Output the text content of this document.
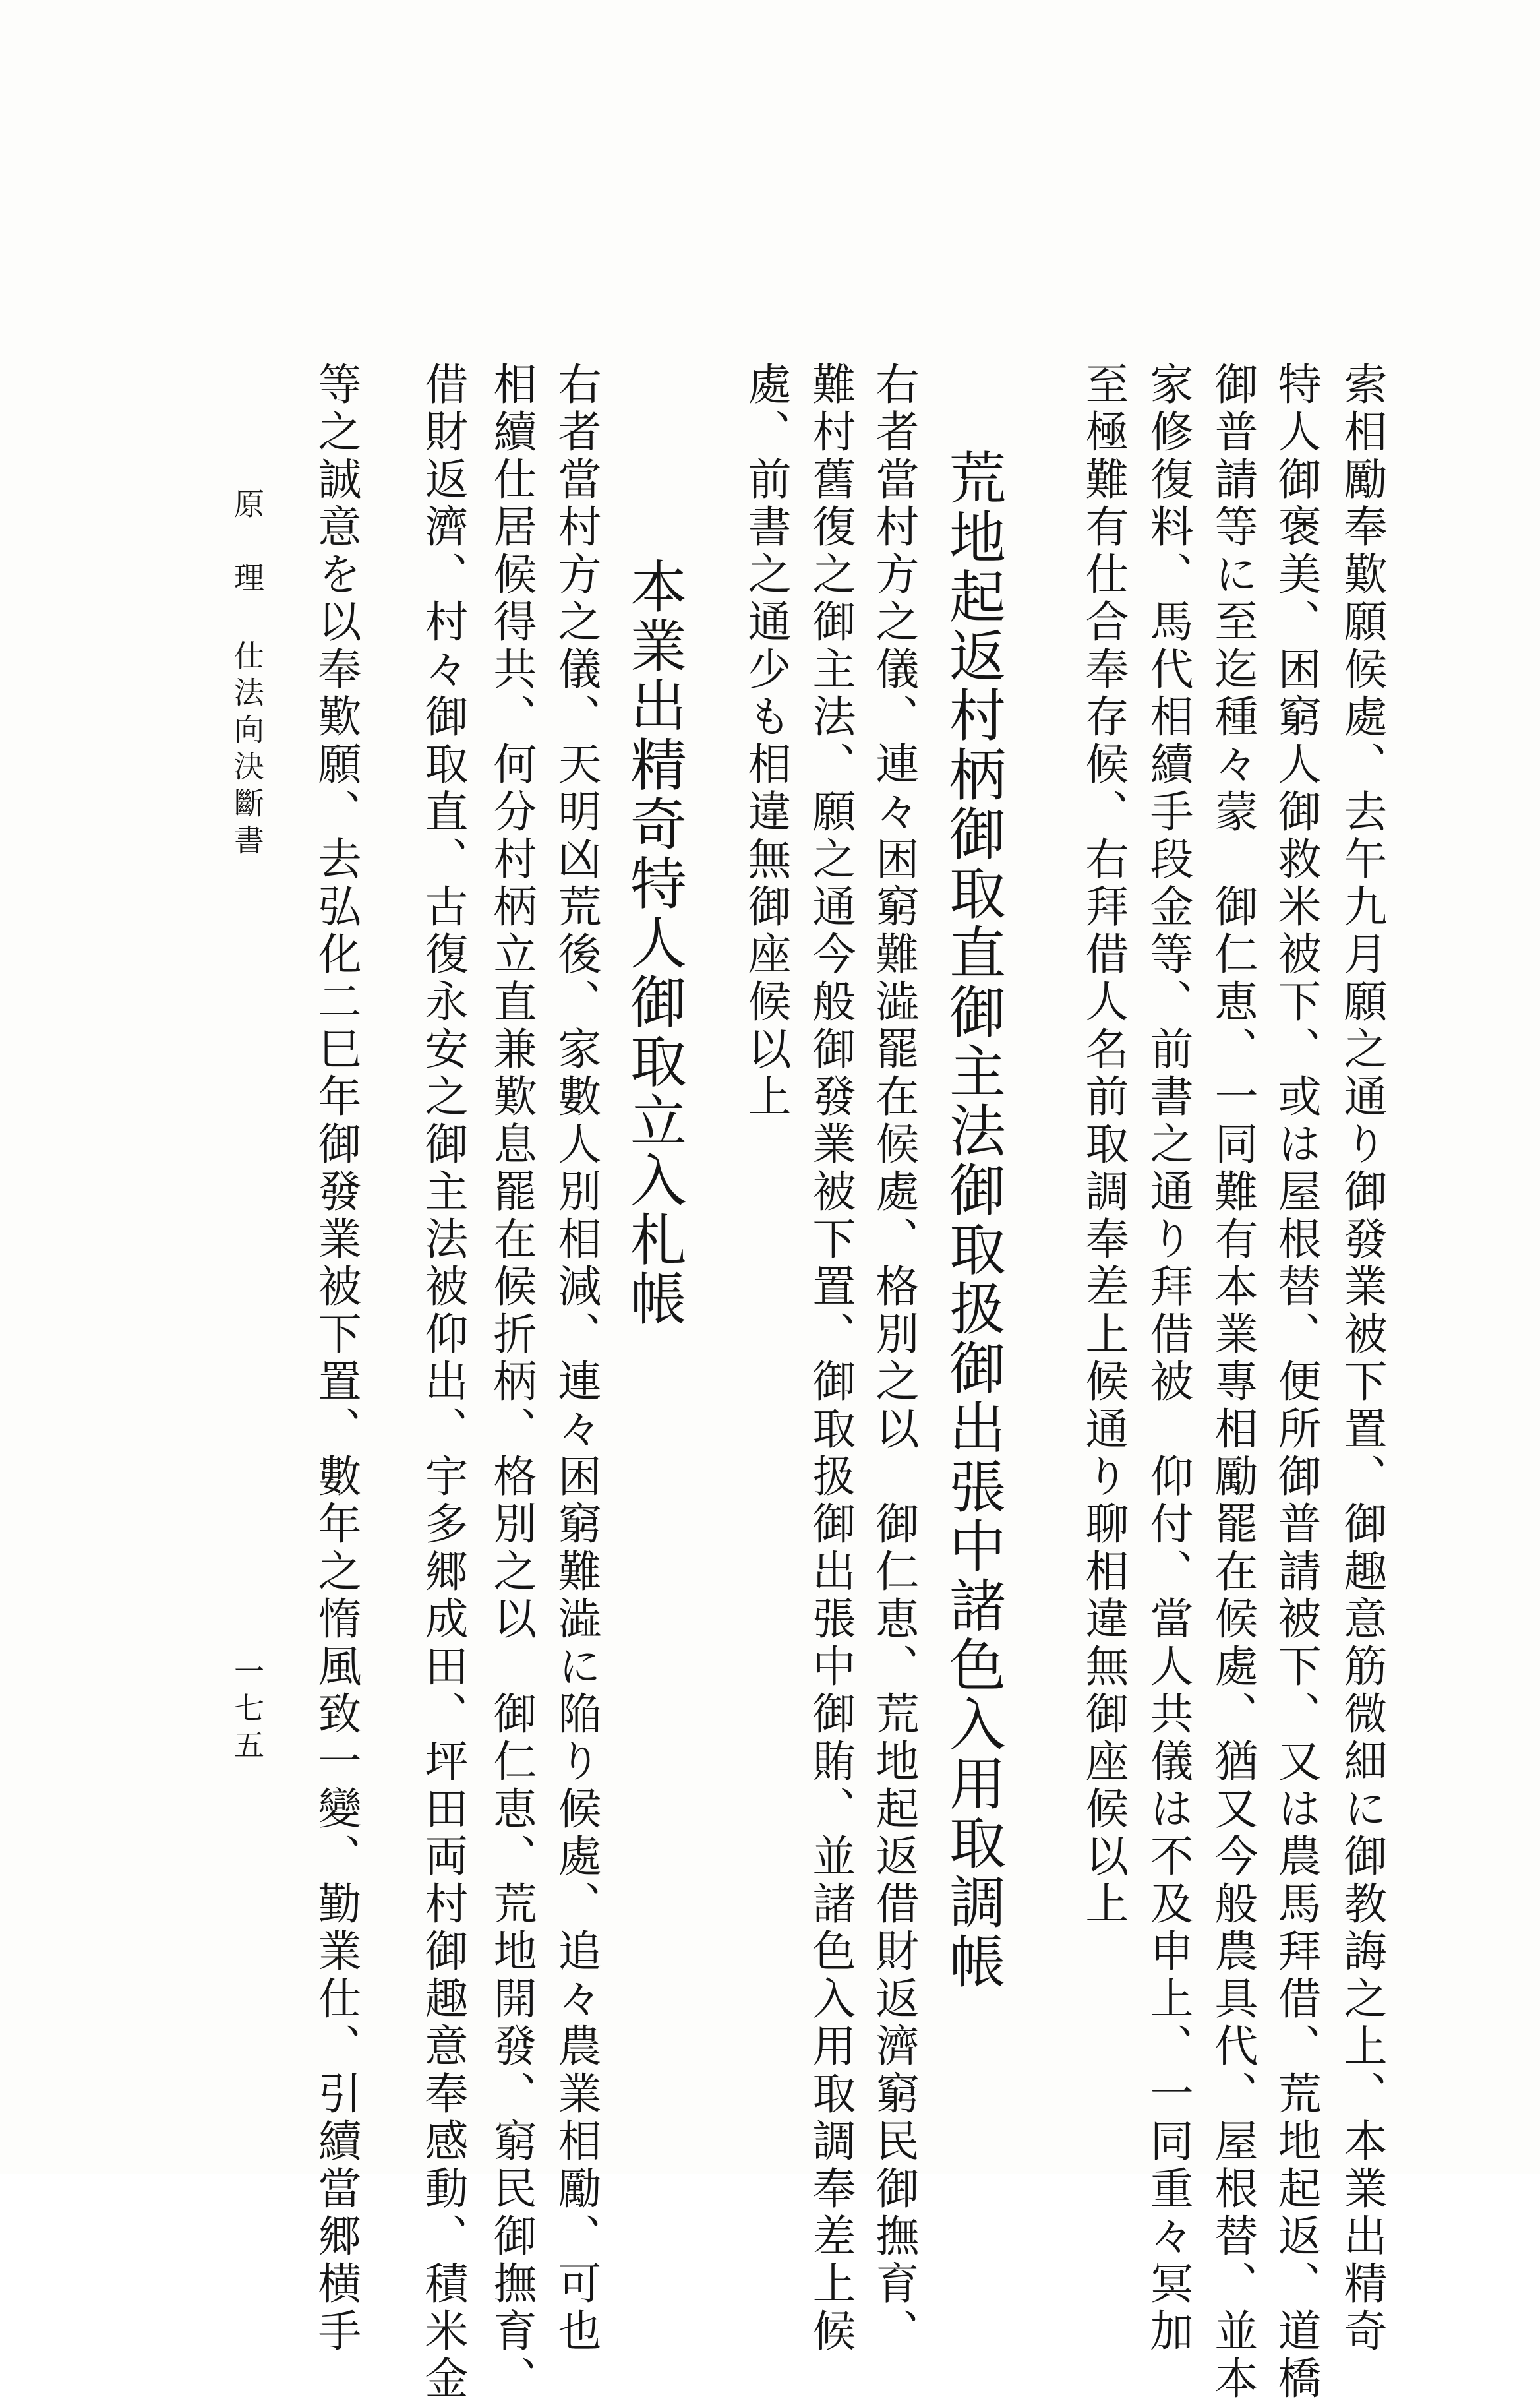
索相勵奉歎願候處、去午九月願之通り御發業被下置、御趣意筋微細に御教誨之上、本業出精奇
特人御褒美、困窮人御救米被下、或は屋根替、便所御普請被下、又は農馬拜借、荒地起返、道橋
御普請等に至迄種々蒙　御仁恵、一同難有本業專相勵罷在候處、猶又今般農具代、屋根替、並本
家修復料、馬代相續手段金等、前書之通り拜借被　仰付、當人共儀は不及申上、一同重々冥加
至極難有仕合奉存候、右拜借人名前取調奉差上候通り聊相違無御座候以上
荒地起返村柄御取直御主法御取扱御出張中諸色入用取調帳
右者當村方之儀、連々困窮難澁罷在候處、格別之以　御仁恵、荒地起返借財返濟窮民御撫育、
難村舊復之御主法、願之通今般御發業被下置、御取扱御出張中御賄、並諸色入用取調奉差上候
處、前書之通少も相違無御座候以上
本業出精奇特人御取立入札帳
右者當村方之儀、天明凶荒後、家數人別相減、連々困窮難澁に陥り候處、追々農業相勵、可也
相續仕居候得共、何分村柄立直兼歎息罷在候折柄、格別之以　御仁恵、荒地開發、窮民御撫育、
借財返濟、村々御取直、古復永安之御主法被仰出、宇多郷成田、坪田両村御趣意奉感動、積米金
等之誠意を以奉歎願、去弘化二巳年御發業被下置、數年之惰風致一變、勤業仕、引續當郷横手
原　理
仕法向決斷書
一七五
